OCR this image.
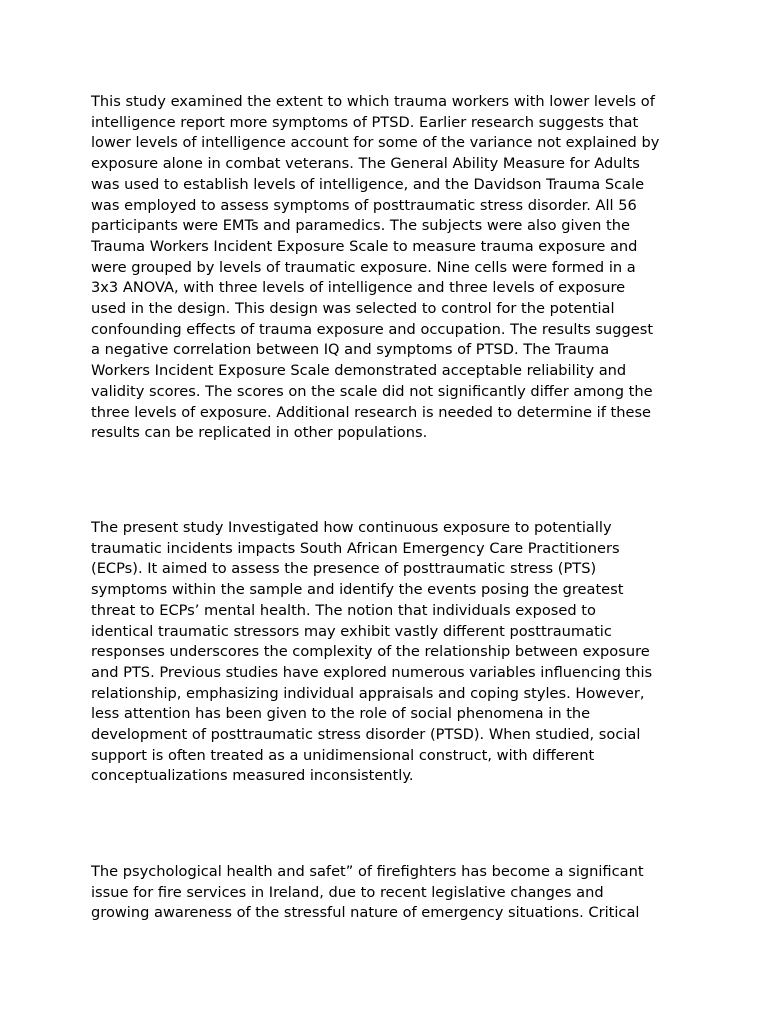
This study examined the extent to which trauma workers with lower levels of
intelligence report more symptoms of PTSD. Earlier research suggests that
lower levels of intelligence account for some of the variance not explained by
exposure alone in combat veterans. The General Ability Measure for Adults
was used to establish levels of intelligence, and the Davidson Trauma Scale
was employed to assess symptoms of posttraumatic stress disorder. All 56
participants were EMTs and paramedics. The subjects were also given the
Trauma Workers Incident Exposure Scale to measure trauma exposure and
were grouped by levels of traumatic exposure. Nine cells were formed in a
3x3 ANOVA, with three levels of intelligence and three levels of exposure
used in the design. This design was selected to control for the potential
confounding effects of trauma exposure and occupation. The results suggest
a negative correlation between IQ and symptoms of PTSD. The Trauma
Workers Incident Exposure Scale demonstrated acceptable reliability and
validity scores. The scores on the scale did not significantly differ among the
three levels of exposure. Additional research is needed to determine if these
results can be replicated in other populations.
The present study Investigated how continuous exposure to potentially
traumatic incidents impacts South African Emergency Care Practitioners
(ECPs). It aimed to assess the presence of posttraumatic stress (PTS)
symptoms within the sample and identify the events posing the greatest
threat to ECPs’ mental health. The notion that individuals exposed to
identical traumatic stressors may exhibit vastly different posttraumatic
responses underscores the complexity of the relationship between exposure
and PTS. Previous studies have explored numerous variables influencing this
relationship, emphasizing individual appraisals and coping styles. However,
less attention has been given to the role of social phenomena in the
development of posttraumatic stress disorder (PTSD). When studied, social
support is often treated as a unidimensional construct, with different
conceptualizations measured inconsistently.
The psychological health and safet” of firefighters has become a significant
issue for fire services in Ireland, due to recent legislative changes and
growing awareness of the stressful nature of emergency situations. Critical
